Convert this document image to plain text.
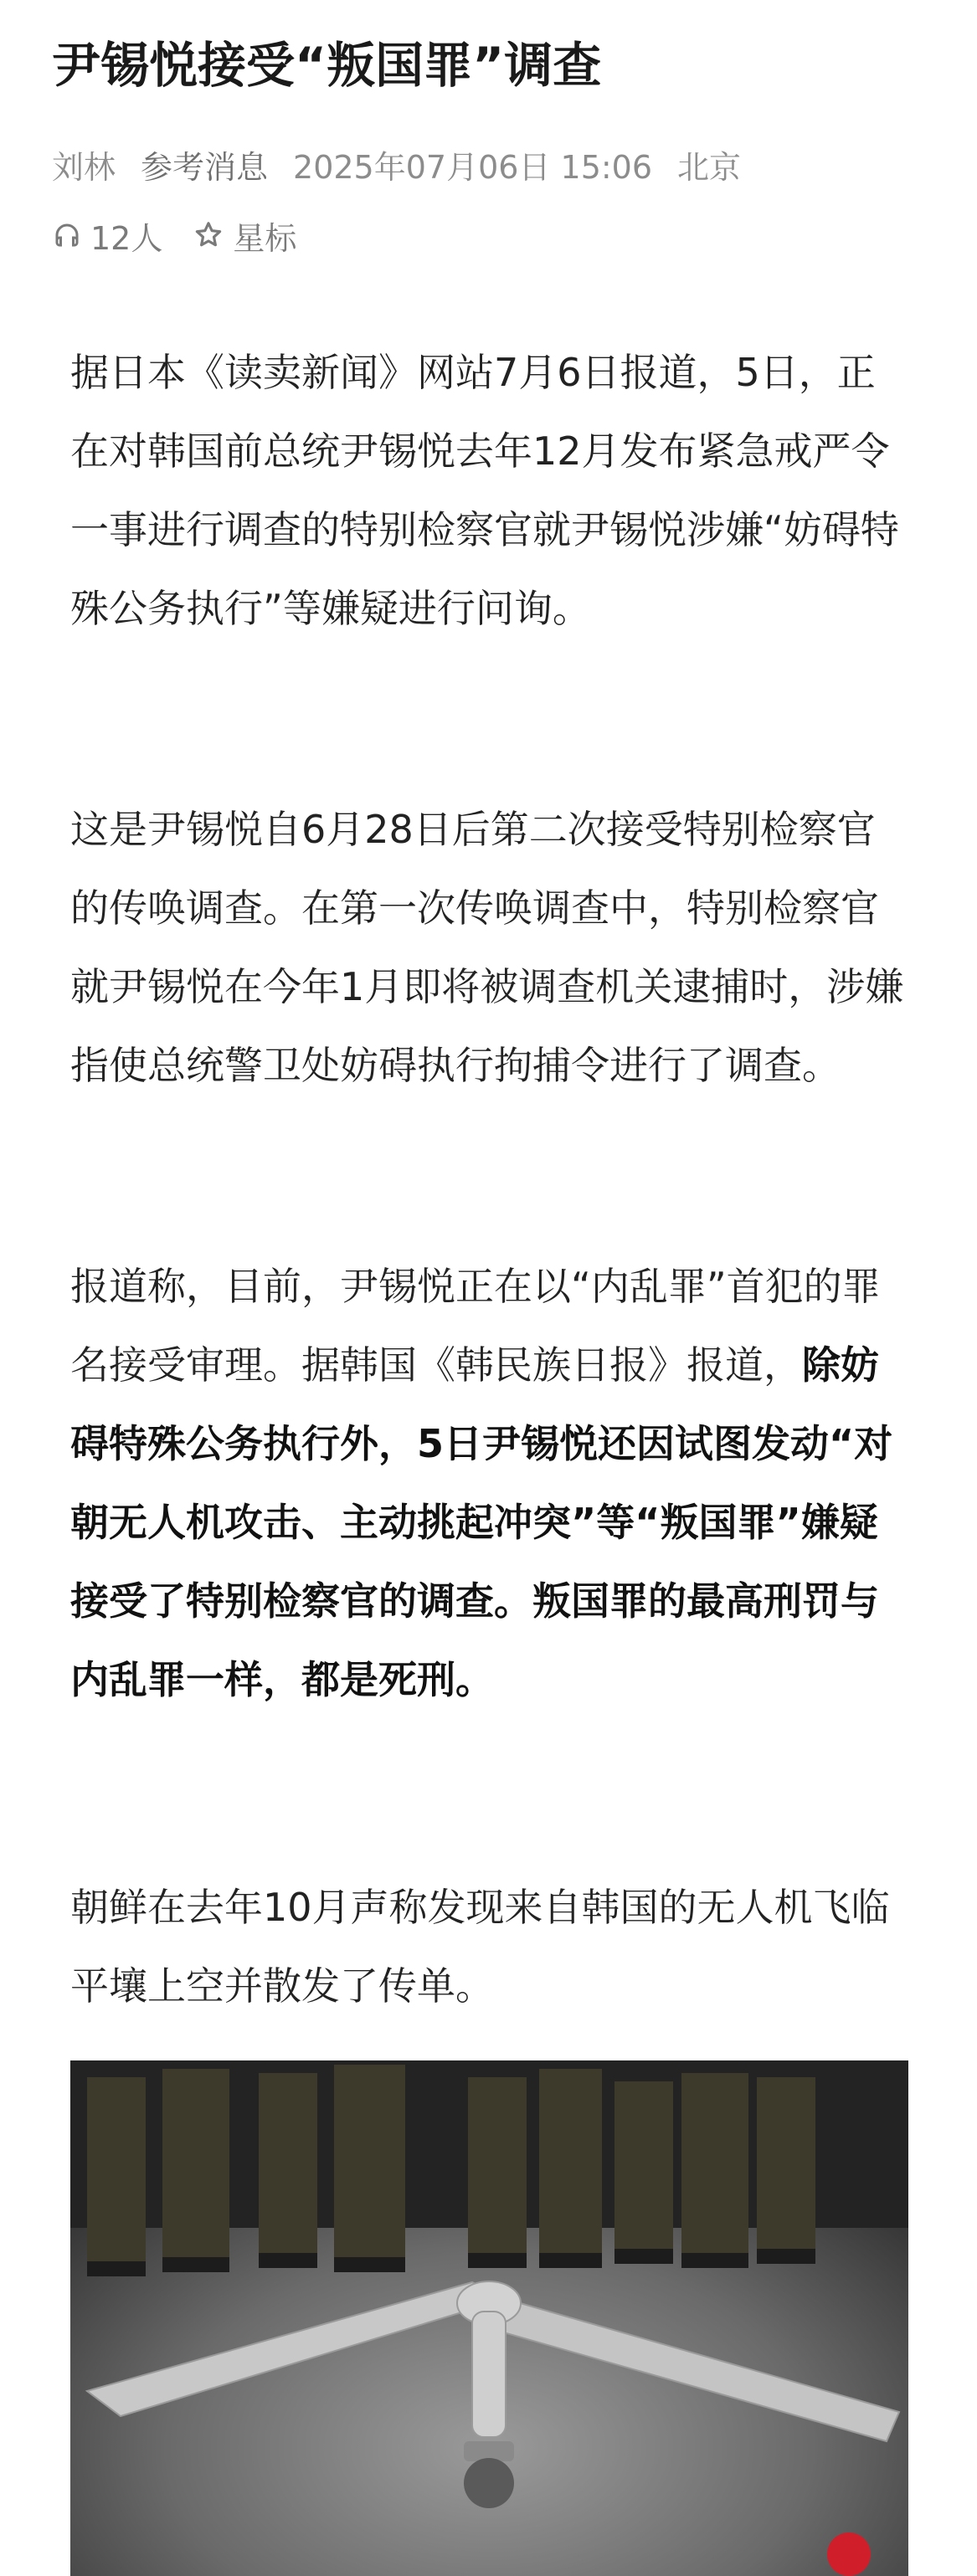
尹锡悦接受“叛国罪”调查
刘林 参考消息 2025年07月06日 15:06 北京
12人 星标

据日本《读卖新闻》网站7月6日报道，5日，正在对韩国前总统尹锡悦去年12月发布紧急戒严令一事进行调查的特别检察官就尹锡悦涉嫌“妨碍特殊公务执行”等嫌疑进行问询。

这是尹锡悦自6月28日后第二次接受特别检察官的传唤调查。在第一次传唤调查中，特别检察官就尹锡悦在今年1月即将被调查机关逮捕时，涉嫌指使总统警卫处妨碍执行拘捕令进行了调查。

报道称，目前，尹锡悦正在以“内乱罪”首犯的罪名接受审理。据韩国《韩民族日报》报道，除妨碍特殊公务执行外，5日尹锡悦还因试图发动“对朝无人机攻击、主动挑起冲突”等“叛国罪”嫌疑接受了特别检察官的调查。叛国罪的最高刑罚与内乱罪一样，都是死刑。

朝鲜在去年10月声称发现来自韩国的无人机飞临平壤上空并散发了传单。
